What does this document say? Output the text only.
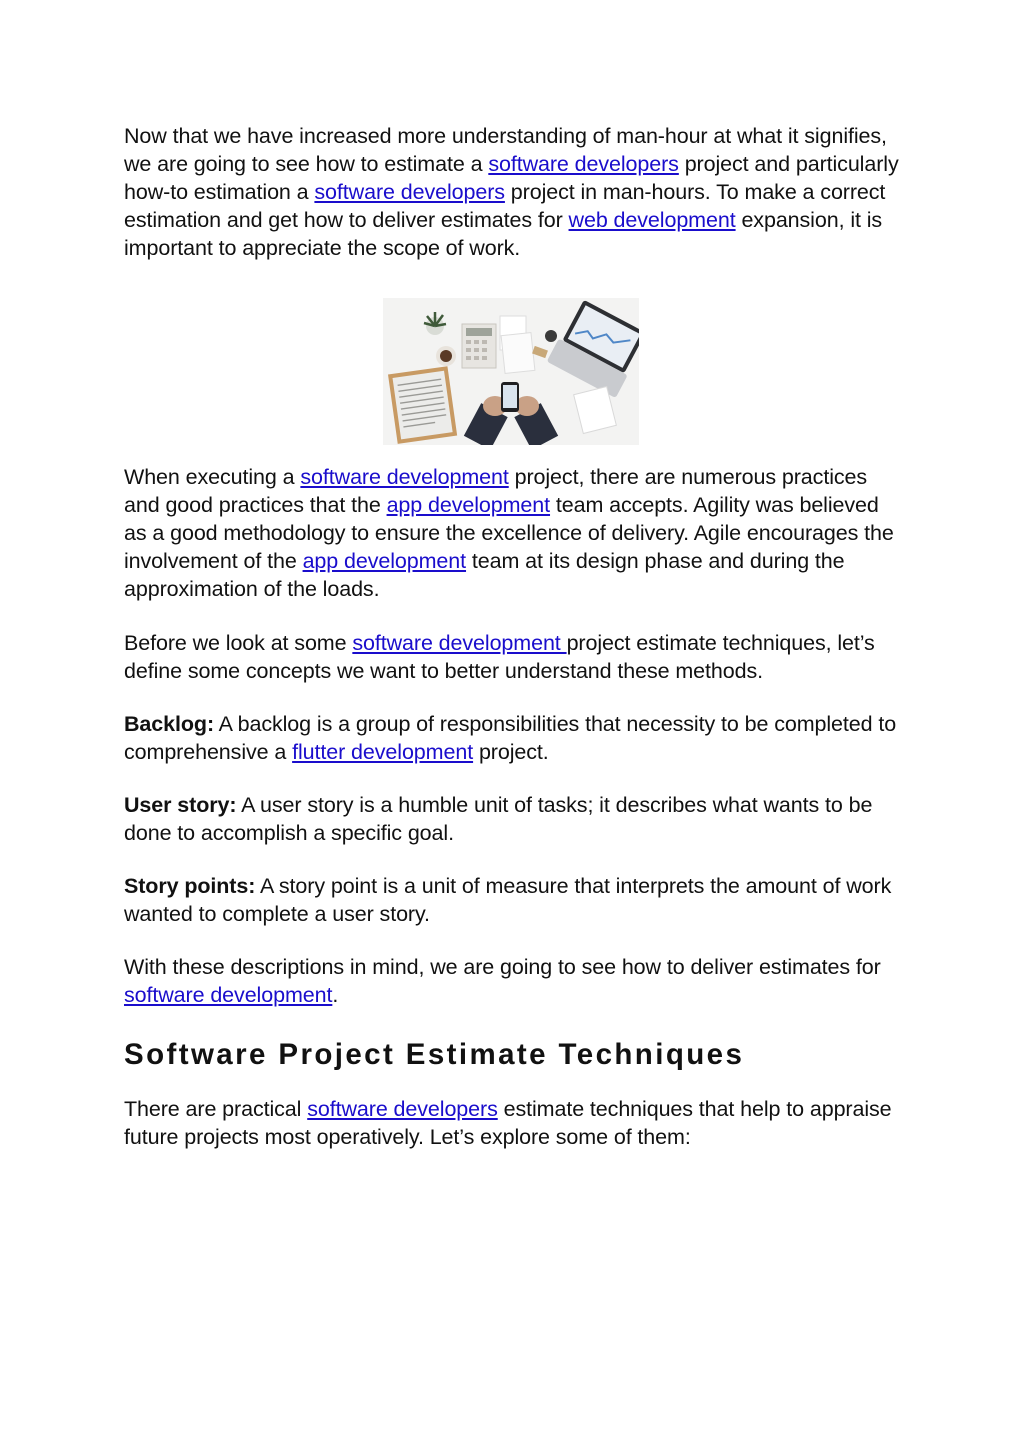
Now that we have increased more understanding of man-hour at what it signifies, we are going to see how to estimate a software developers project and particularly how-to estimation a software developers project in man-hours. To make a correct estimation and get how to deliver estimates for web development expansion, it is important to appreciate the scope of work.

When executing a software development project, there are numerous practices and good practices that the app development team accepts. Agility was believed as a good methodology to ensure the excellence of delivery. Agile encourages the involvement of the app development team at its design phase and during the approximation of the loads.

Before we look at some software development project estimate techniques, let’s define some concepts we want to better understand these methods.

Backlog: A backlog is a group of responsibilities that necessity to be completed to comprehensive a flutter development project.

User story: A user story is a humble unit of tasks; it describes what wants to be done to accomplish a specific goal.

Story points: A story point is a unit of measure that interprets the amount of work wanted to complete a user story.

With these descriptions in mind, we are going to see how to deliver estimates for software development.

Software Project Estimate Techniques

There are practical software developers estimate techniques that help to appraise future projects most operatively. Let’s explore some of them:
